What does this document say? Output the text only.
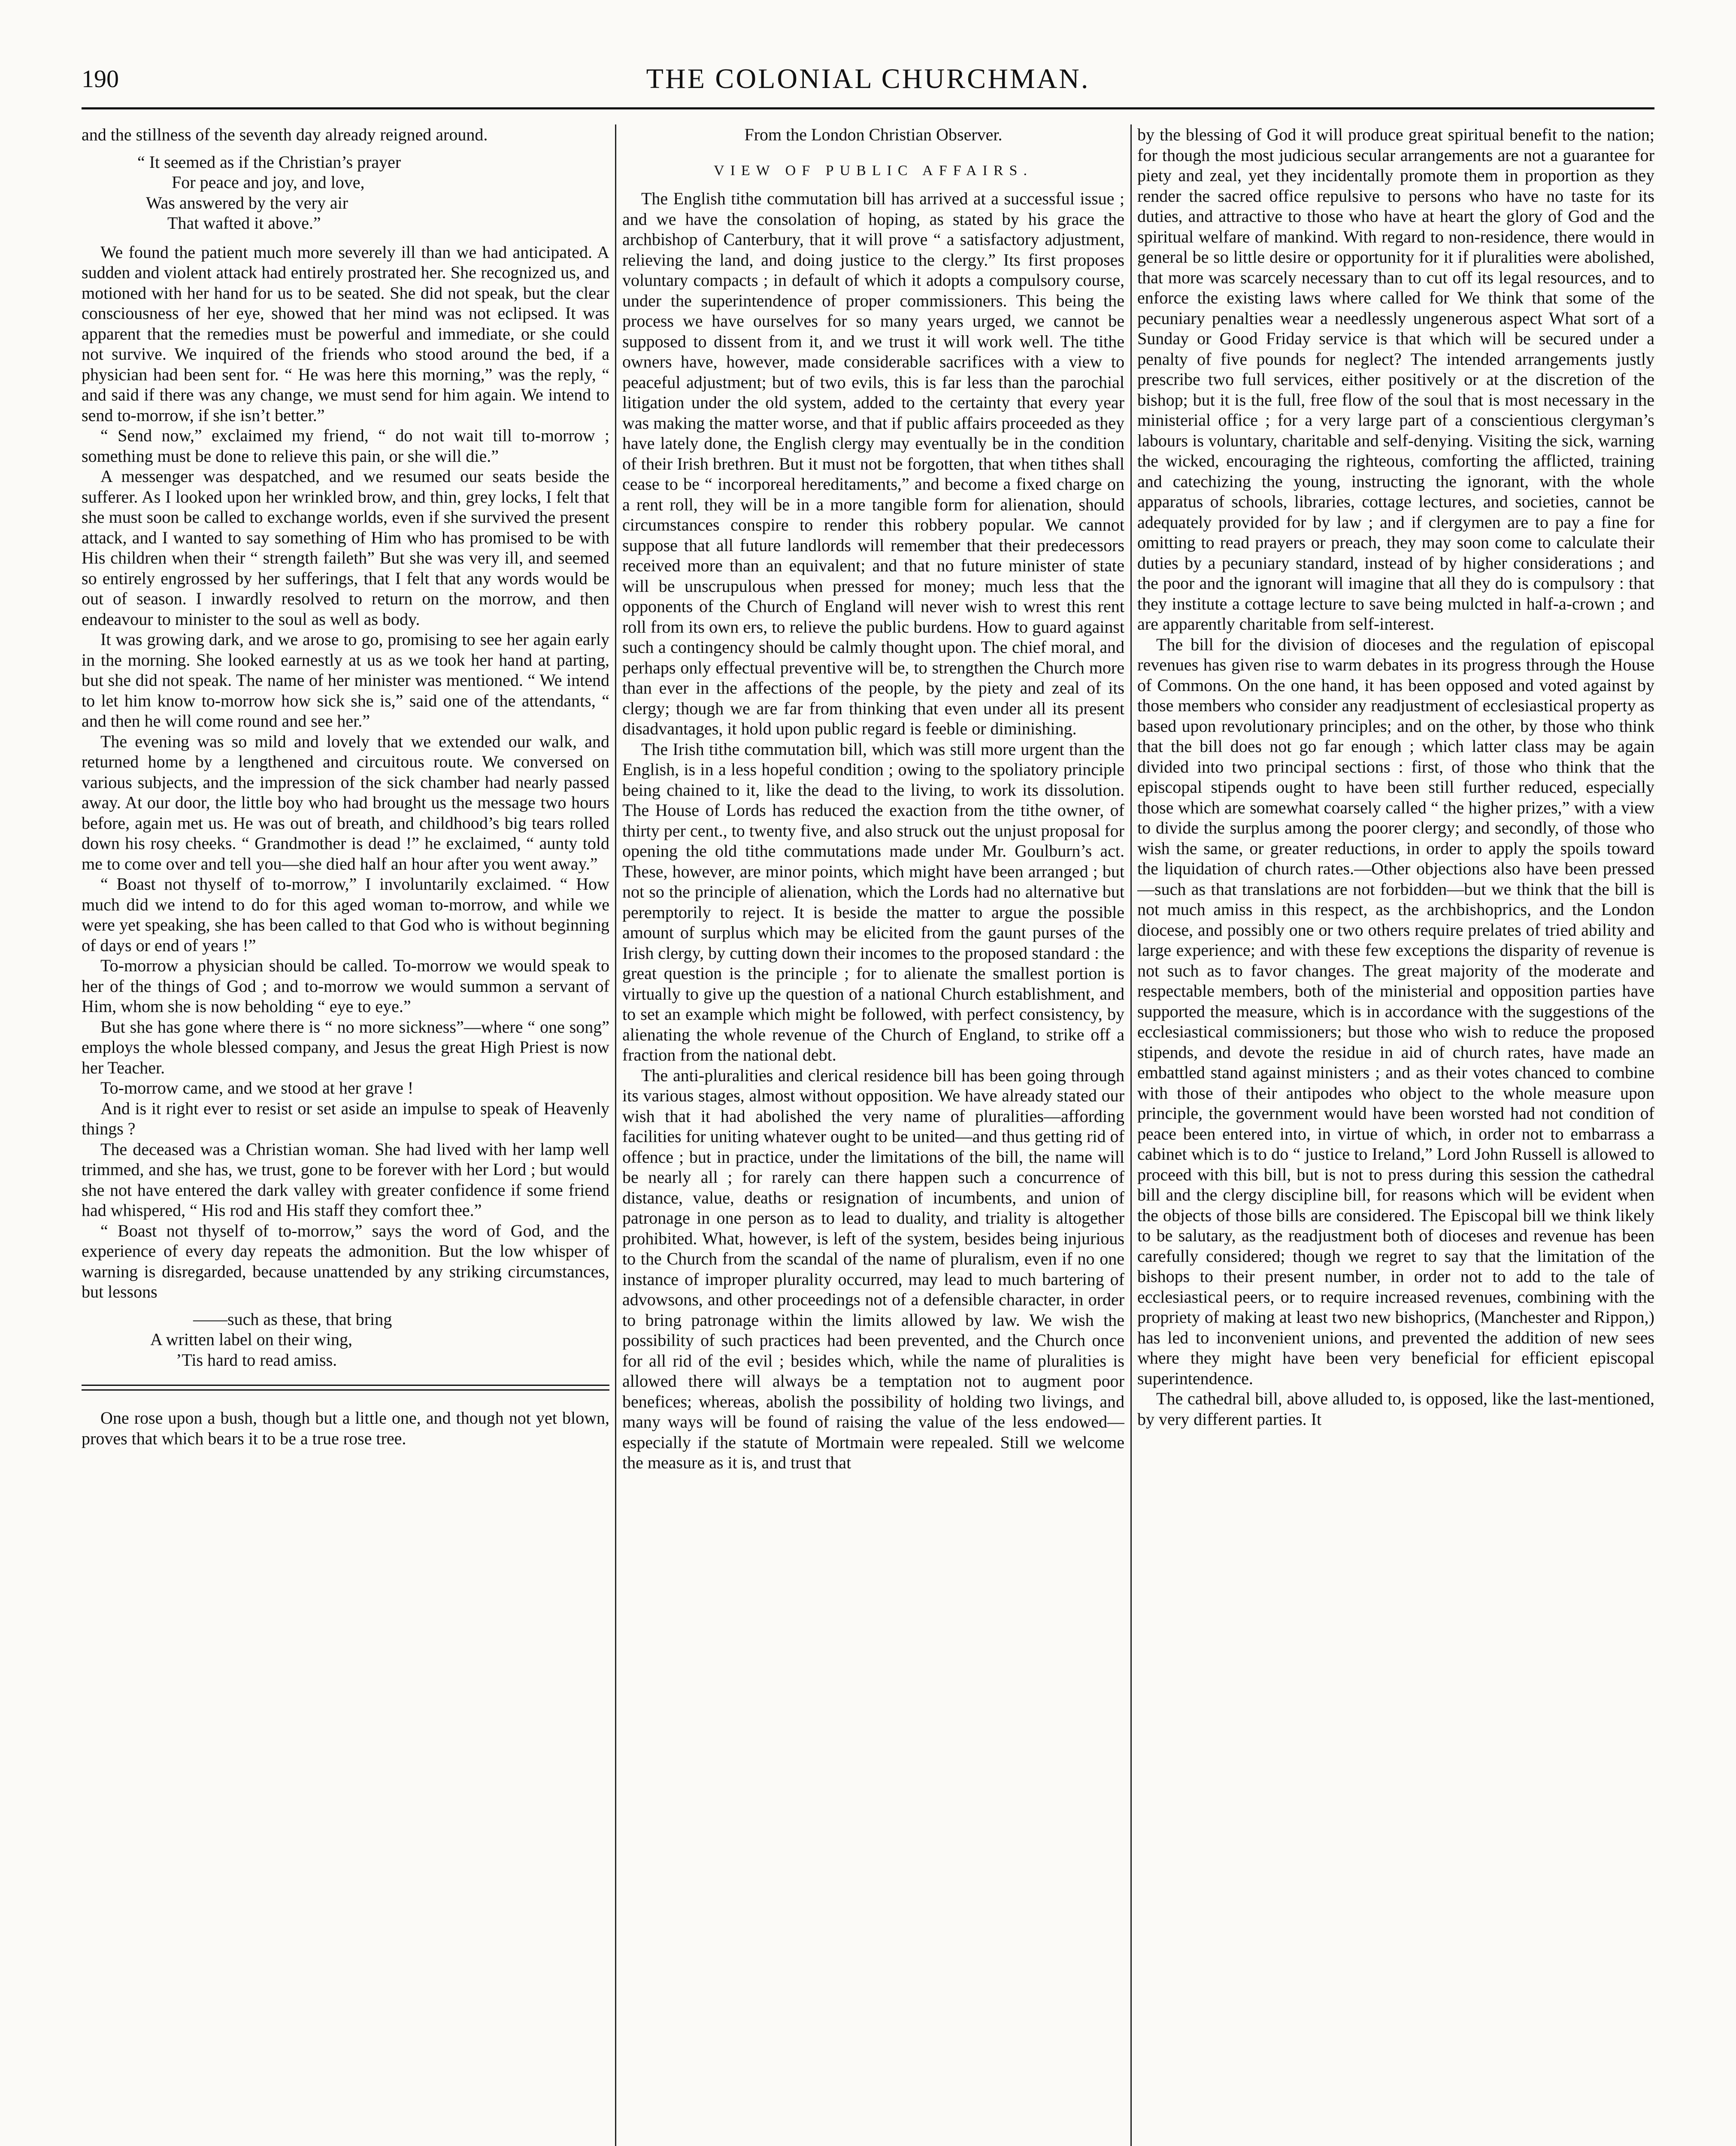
190	THE COLONIAL CHURCHMAN.

and the stillness of the seventh day already reigned around.

“ It seemed as if the Christian’s prayer
For peace and joy, and love,
Was answered by the very air
That wafted it above.”

We found the patient much more severely ill than we had anticipated. A sudden and violent attack had entirely prostrated her. She recognized us, and motioned with her hand for us to be seated. She did not speak, but the clear consciousness of her eye, showed that her mind was not eclipsed. It was apparent that the remedies must be powerful and immediate, or she could not survive. We inquired of the friends who stood around the bed, if a physician had been sent for. “ He was here this morning,” was the reply, “ and said if there was any change, we must send for him again. We intend to send to-morrow, if she isn’t better.”

“ Send now,” exclaimed my friend, “ do not wait till to-morrow ; something must be done to relieve this pain, or she will die.”

A messenger was despatched, and we resumed our seats beside the sufferer. As I looked upon her wrinkled brow, and thin, grey locks, I felt that she must soon be called to exchange worlds, even if she survived the present attack, and I wanted to say something of Him who has promised to be with His children when their “ strength faileth” But she was very ill, and seemed so entirely engrossed by her sufferings, that I felt that any words would be out of season. I inwardly resolved to return on the morrow, and then endeavour to minister to the soul as well as body.

It was growing dark, and we arose to go, promising to see her again early in the morning. She looked earnestly at us as we took her hand at parting, but she did not speak. The name of her minister was mentioned. “ We intend to let him know to-morrow how sick she is,” said one of the attendants, “ and then he will come round and see her.”

The evening was so mild and lovely that we extended our walk, and returned home by a lengthened and circuitous route. We conversed on various subjects, and the impression of the sick chamber had nearly passed away. At our door, the little boy who had brought us the message two hours before, again met us. He was out of breath, and childhood’s big tears rolled down his rosy cheeks. “ Grandmother is dead !” he exclaimed, “ aunty told me to come over and tell you—she died half an hour after you went away.”

“ Boast not thyself of to-morrow,” I involuntarily exclaimed. “ How much did we intend to do for this aged woman to-morrow, and while we were yet speaking, she has been called to that God who is without beginning of days or end of years !”

To-morrow a physician should be called. To-morrow we would speak to her of the things of God ; and to-morrow we would summon a servant of Him, whom she is now beholding “ eye to eye.”

But she has gone where there is “ no more sickness”—where “ one song” employs the whole blessed company, and Jesus the great High Priest is now her Teacher.

To-morrow came, and we stood at her grave !

And is it right ever to resist or set aside an impulse to speak of Heavenly things ?

The deceased was a Christian woman. She had lived with her lamp well trimmed, and she has, we trust, gone to be forever with her Lord ; but would she not have entered the dark valley with greater confidence if some friend had whispered, “ His rod and His staff they comfort thee.”

“ Boast not thyself of to-morrow,” says the word of God, and the experience of every day repeats the admonition. But the low whisper of warning is disregarded, because unattended by any striking circumstances, but lessons

——such as these, that bring
A written label on their wing,
’Tis hard to read amiss.

One rose upon a bush, though but a little one, and though not yet blown, proves that which bears it to be a true rose tree.

From the London Christian Observer.

VIEW OF PUBLIC AFFAIRS.

The English tithe commutation bill has arrived at a successful issue ; and we have the consolation of hoping, as stated by his grace the archbishop of Canterbury, that it will prove “ a satisfactory adjustment, relieving the land, and doing justice to the clergy.” Its first proposes voluntary compacts ; in default of which it adopts a compulsory course, under the superintendence of proper commissioners. This being the process we have ourselves for so many years urged, we cannot be supposed to dissent from it, and we trust it will work well. The tithe owners have, however, made considerable sacrifices with a view to peaceful adjustment; but of two evils, this is far less than the parochial litigation under the old system, added to the certainty that every year was making the matter worse, and that if public affairs proceeded as they have lately done, the English clergy may eventually be in the condition of their Irish brethren. But it must not be forgotten, that when tithes shall cease to be “ incorporeal hereditaments,” and become a fixed charge on a rent roll, they will be in a more tangible form for alienation, should circumstances conspire to render this robbery popular. We cannot suppose that all future landlords will remember that their predecessors received more than an equivalent; and that no future minister of state will be unscrupulous when pressed for money; much less that the opponents of the Church of England will never wish to wrest this rent roll from its own ers, to relieve the public burdens. How to guard against such a contingency should be calmly thought upon. The chief moral, and perhaps only effectual preventive will be, to strengthen the Church more than ever in the affections of the people, by the piety and zeal of its clergy; though we are far from thinking that even under all its present disadvantages, it hold upon public regard is feeble or diminishing.

The Irish tithe commutation bill, which was still more urgent than the English, is in a less hopeful condition ; owing to the spoliatory principle being chained to it, like the dead to the living, to work its dissolution. The House of Lords has reduced the exaction from the tithe owner, of thirty per cent., to twenty five, and also struck out the unjust proposal for opening the old tithe commutations made under Mr. Goulburn’s act. These, however, are minor points, which might have been arranged ; but not so the principle of alienation, which the Lords had no alternative but peremptorily to reject. It is beside the matter to argue the possible amount of surplus which may be elicited from the gaunt purses of the Irish clergy, by cutting down their incomes to the proposed standard : the great question is the principle ; for to alienate the smallest portion is virtually to give up the question of a national Church establishment, and to set an example which might be followed, with perfect consistency, by alienating the whole revenue of the Church of England, to strike off a fraction from the national debt.

The anti-pluralities and clerical residence bill has been going through its various stages, almost without opposition. We have already stated our wish that it had abolished the very name of pluralities—affording facilities for uniting whatever ought to be united—and thus getting rid of offence ; but in practice, under the limitations of the bill, the name will be nearly all ; for rarely can there happen such a concurrence of distance, value, deaths or resignation of incumbents, and union of patronage in one person as to lead to duality, and triality is altogether prohibited. What, however, is left of the system, besides being injurious to the Church from the scandal of the name of pluralism, even if no one instance of improper plurality occurred, may lead to much bartering of advowsons, and other proceedings not of a defensible character, in order to bring patronage within the limits allowed by law. We wish the possibility of such practices had been prevented, and the Church once for all rid of the evil ; besides which, while the name of pluralities is allowed there will always be a temptation not to augment poor benefices; whereas, abolish the possibility of holding two livings, and many ways will be found of raising the value of the less endowed—especially if the statute of Mortmain were repealed. Still we welcome the measure as it is, and trust that

by the blessing of God it will produce great spiritual benefit to the nation; for though the most judicious secular arrangements are not a guarantee for piety and zeal, yet they incidentally promote them in proportion as they render the sacred office repulsive to persons who have no taste for its duties, and attractive to those who have at heart the glory of God and the spiritual welfare of mankind. With regard to non-residence, there would in general be so little desire or opportunity for it if pluralities were abolished, that more was scarcely necessary than to cut off its legal resources, and to enforce the existing laws where called for We think that some of the pecuniary penalties wear a needlessly ungenerous aspect What sort of a Sunday or Good Friday service is that which will be secured under a penalty of five pounds for neglect? The intended arrangements justly prescribe two full services, either positively or at the discretion of the bishop; but it is the full, free flow of the soul that is most necessary in the ministerial office ; for a very large part of a conscientious clergyman’s labours is voluntary, charitable and self-denying. Visiting the sick, warning the wicked, encouraging the righteous, comforting the afflicted, training and catechizing the young, instructing the ignorant, with the whole apparatus of schools, libraries, cottage lectures, and societies, cannot be adequately provided for by law ; and if clergymen are to pay a fine for omitting to read prayers or preach, they may soon come to calculate their duties by a pecuniary standard, instead of by higher considerations ; and the poor and the ignorant will imagine that all they do is compulsory : that they institute a cottage lecture to save being mulcted in half-a-crown ; and are apparently charitable from self-interest.

The bill for the division of dioceses and the regulation of episcopal revenues has given rise to warm debates in its progress through the House of Commons. On the one hand, it has been opposed and voted against by those members who consider any readjustment of ecclesiastical property as based upon revolutionary principles; and on the other, by those who think that the bill does not go far enough ; which latter class may be again divided into two principal sections : first, of those who think that the episcopal stipends ought to have been still further reduced, especially those which are somewhat coarsely called “ the higher prizes,” with a view to divide the surplus among the poorer clergy; and secondly, of those who wish the same, or greater reductions, in order to apply the spoils toward the liquidation of church rates.—Other objections also have been pressed—such as that translations are not forbidden—but we think that the bill is not much amiss in this respect, as the archbishoprics, and the London diocese, and possibly one or two others require prelates of tried ability and large experience; and with these few exceptions the disparity of revenue is not such as to favor changes. The great majority of the moderate and respectable members, both of the ministerial and opposition parties have supported the measure, which is in accordance with the suggestions of the ecclesiastical commissioners; but those who wish to reduce the proposed stipends, and devote the residue in aid of church rates, have made an embattled stand against ministers ; and as their votes chanced to combine with those of their antipodes who object to the whole measure upon principle, the government would have been worsted had not condition of peace been entered into, in virtue of which, in order not to embarrass a cabinet which is to do “ justice to Ireland,” Lord John Russell is allowed to proceed with this bill, but is not to press during this session the cathedral bill and the clergy discipline bill, for reasons which will be evident when the objects of those bills are considered. The Episcopal bill we think likely to be salutary, as the readjustment both of dioceses and revenue has been carefully considered; though we regret to say that the limitation of the bishops to their present number, in order not to add to the tale of ecclesiastical peers, or to require increased revenues, combining with the propriety of making at least two new bishoprics, (Manchester and Rippon,) has led to inconvenient unions, and prevented the addition of new sees where they might have been very beneficial for efficient episcopal superintendence.

The cathedral bill, above alluded to, is opposed, like the last-mentioned, by very different parties. It
